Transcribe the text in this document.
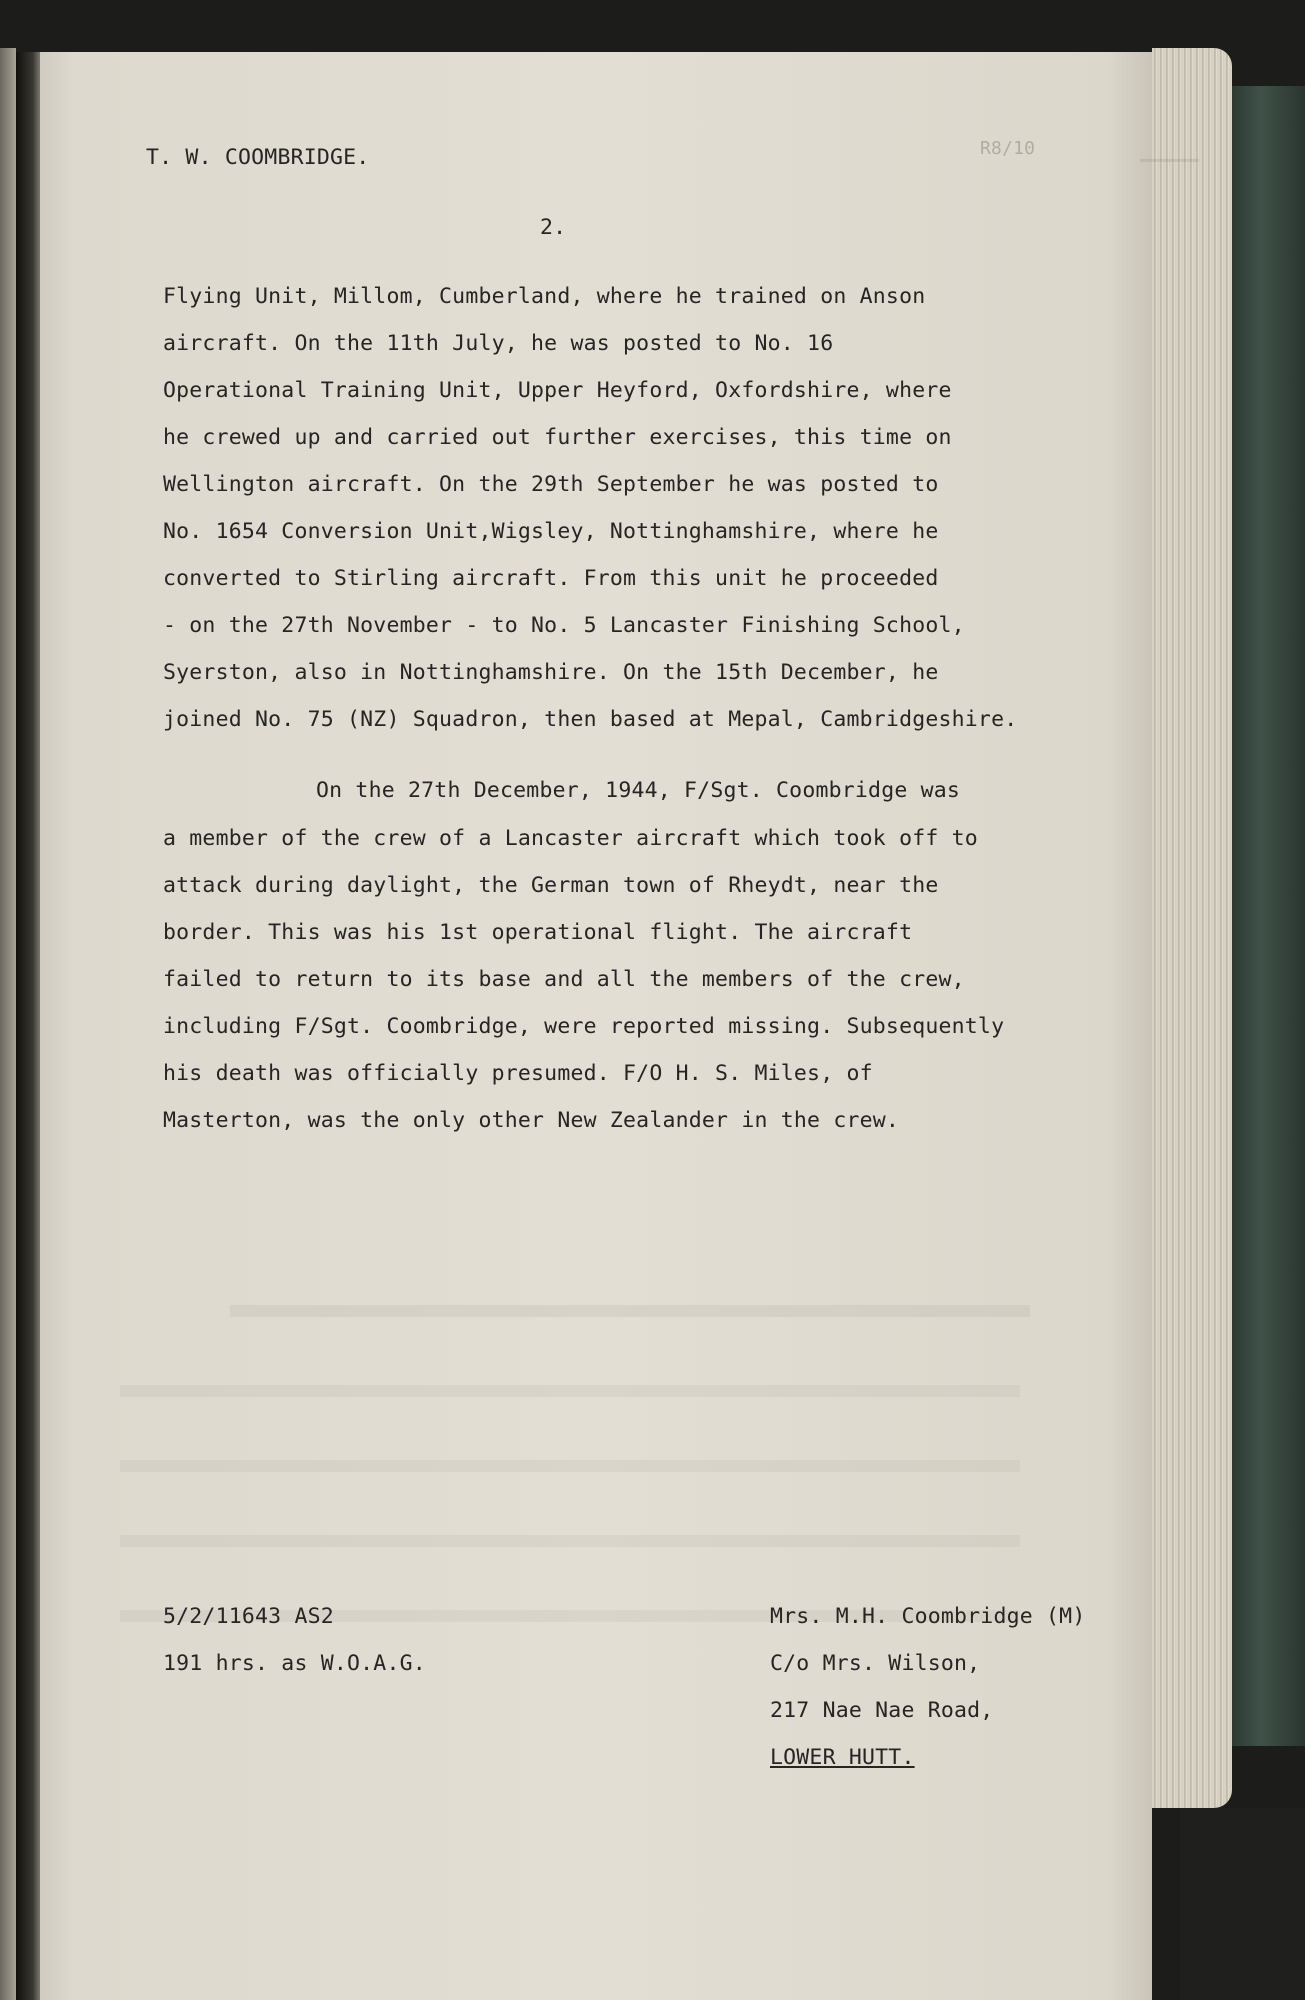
▁▁▁▁
T. W. COOMBRIDGE.
2.
R8/10
Flying Unit, Millom, Cumberland, where he trained on Anson
aircraft. On the 11th July, he was posted to No. 16
Operational Training Unit, Upper Heyford, Oxfordshire, where
he crewed up and carried out further exercises, this time on
Wellington aircraft. On the 29th September he was posted to
No. 1654 Conversion Unit,Wigsley, Nottinghamshire, where he
converted to Stirling aircraft. From this unit he proceeded
- on the 27th November - to No. 5 Lancaster Finishing School,
Syerston, also in Nottinghamshire. On the 15th December, he
joined No. 75 (NZ) Squadron, then based at Mepal, Cambridgeshire.
On the 27th December, 1944, F/Sgt. Coombridge was
a member of the crew of a Lancaster aircraft which took off to
attack during daylight, the German town of Rheydt, near the
border. This was his 1st operational flight. The aircraft
failed to return to its base and all the members of the crew,
including F/Sgt. Coombridge, were reported missing. Subsequently
his death was officially presumed. F/O H. S. Miles, of
Masterton, was the only other New Zealander in the crew.
5/2/11643 AS2
191 hrs. as W.O.A.G.
Mrs. M.H. Coombridge (M)
C/o Mrs. Wilson,
217 Nae Nae Road,
LOWER HUTT.
